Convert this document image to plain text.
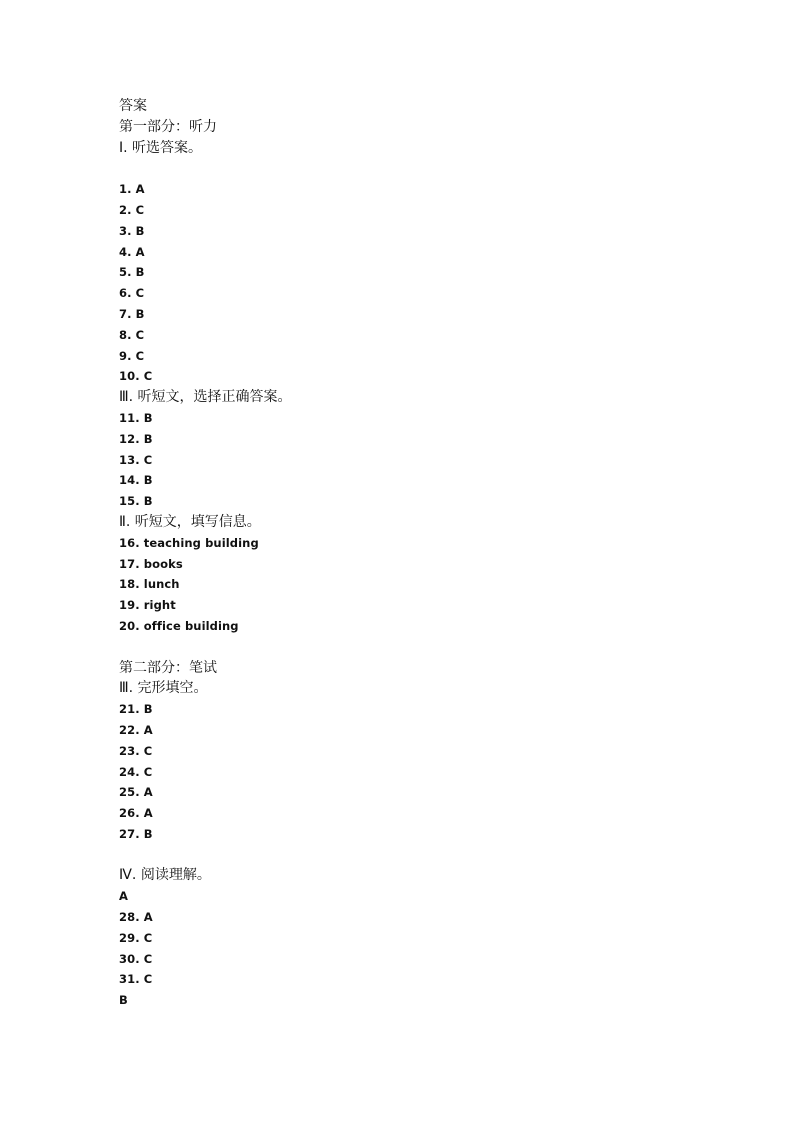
答案
第一部分：听力
Ⅰ. 听选答案。
1. A
2. C
3. B
4. A
5. B
6. C
7. B
8. C
9. C
10. C
Ⅲ. 听短文，选择正确答案。
11. B
12. B
13. C
14. B
15. B
Ⅱ. 听短文，填写信息。
16. teaching building
17. books
18. lunch
19. right
20. office building
第二部分：笔试
Ⅲ. 完形填空。
21. B
22. A
23. C
24. C
25. A
26. A
27. B
Ⅳ. 阅读理解。
A
28. A
29. C
30. C
31. C
B
